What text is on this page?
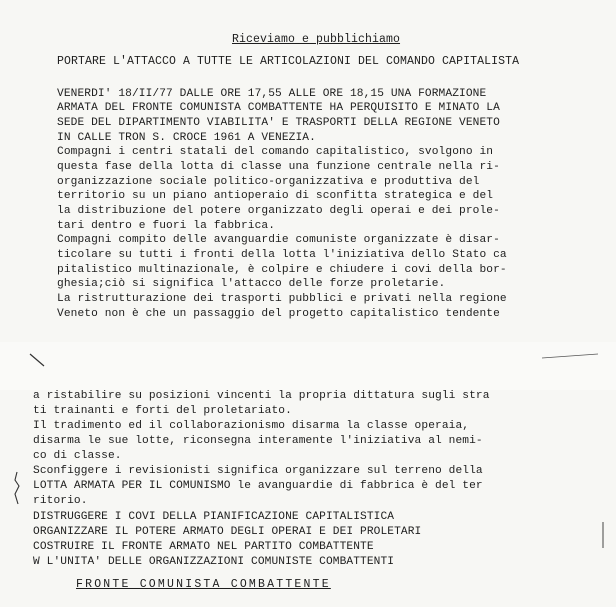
Riceviamo e pubblichiamo
PORTARE L'ATTACCO A TUTTE LE ARTICOLAZIONI DEL COMANDO CAPITALISTA
VENERDI' 18/II/77 DALLE ORE 17,55 ALLE ORE 18,15 UNA FORMAZIONE
ARMATA DEL FRONTE COMUNISTA COMBATTENTE HA PERQUISITO E MINATO LA
SEDE DEL DIPARTIMENTO VIABILITA' E TRASPORTI DELLA REGIONE VENETO
IN CALLE TRON S. CROCE 1961 A VENEZIA.
Compagni i centri statali del comando capitalistico, svolgono in
questa fase della lotta di classe una funzione centrale nella ri-
organizzazione sociale politico-organizzativa e produttiva del
territorio su un piano antioperaio di sconfitta strategica e del
la distribuzione del potere organizzato degli operai e dei prole-
tari dentro e fuori la fabbrica.
Compagni compito delle avanguardie comuniste organizzate è disar-
ticolare su tutti i fronti della lotta l'iniziativa dello Stato ca
pitalistico multinazionale, è colpire e chiudere i covi della bor-
ghesia;ciò si significa l'attacco delle forze proletarie.
La ristrutturazione dei trasporti pubblici e privati nella regione
Veneto non è che un passaggio del progetto capitalistico tendente
a ristabilire su posizioni vincenti la propria dittatura sugli stra
ti trainanti e forti del proletariato.
Il tradimento ed il collaborazionismo disarma la classe operaia,
disarma le sue lotte, riconsegna interamente l'iniziativa al nemi-
co di classe.
Sconfiggere i revisionisti significa organizzare sul terreno della
LOTTA ARMATA PER IL COMUNISMO le avanguardie di fabbrica è del ter
ritorio.
DISTRUGGERE I COVI DELLA PIANIFICAZIONE CAPITALISTICA
ORGANIZZARE IL POTERE ARMATO DEGLI OPERAI E DEI PROLETARI
COSTRUIRE IL FRONTE ARMATO NEL PARTITO COMBATTENTE
W L'UNITA' DELLE ORGANIZZAZIONI COMUNISTE COMBATTENTI
FRONTE COMUNISTA COMBATTENTE
